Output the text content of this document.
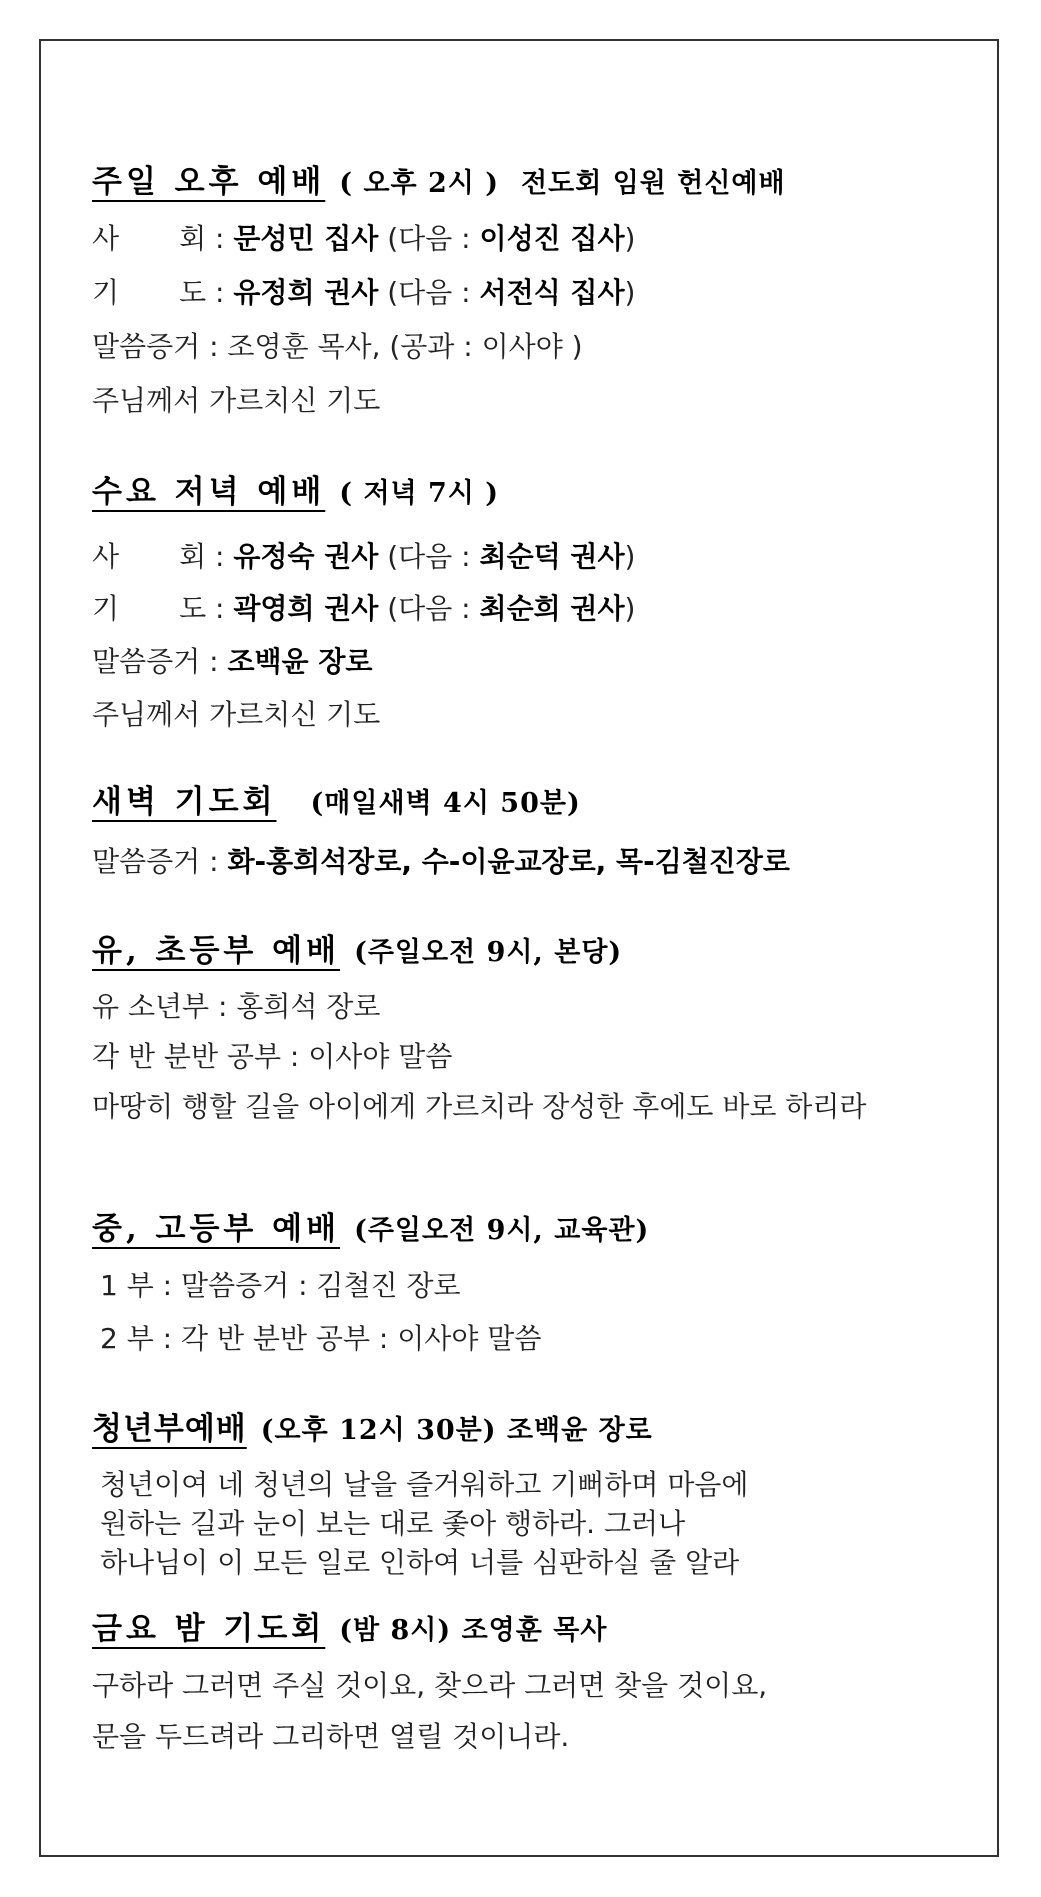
주일 오후 예배 ( 오후 2시 ) 전도회 임원 헌신예배
사 회 : 문성민 집사 (다음 : 이성진 집사)
기 도 : 유정희 권사 (다음 : 서전식 집사)
말씀증거 : 조영훈 목사, (공과 : 이사야 )
주님께서 가르치신 기도
수요 저녁 예배 ( 저녁 7시 )
사 회 : 유정숙 권사 (다음 : 최순덕 권사)
기 도 : 곽영희 권사 (다음 : 최순희 권사)
말씀증거 : 조백윤 장로
주님께서 가르치신 기도
새벽 기도회 (매일새벽 4시 50분)
말씀증거 : 화-홍희석장로, 수-이윤교장로, 목-김철진장로
유, 초등부 예배 (주일오전 9시, 본당)
유 소년부 : 홍희석 장로
각 반 분반 공부 : 이사야 말씀
마땅히 행할 길을 아이에게 가르치라 장성한 후에도 바로 하리라
중, 고등부 예배 (주일오전 9시, 교육관)
1 부 : 말씀증거 : 김철진 장로
2 부 : 각 반 분반 공부 : 이사야 말씀
청년부예배 (오후 12시 30분) 조백윤 장로
청년이여 네 청년의 날을 즐거워하고 기뻐하며 마음에
원하는 길과 눈이 보는 대로 좇아 행하라. 그러나
하나님이 이 모든 일로 인하여 너를 심판하실 줄 알라
금요 밤 기도회 (밤 8시) 조영훈 목사
구하라 그러면 주실 것이요, 찾으라 그러면 찾을 것이요,
문을 두드려라 그리하면 열릴 것이니라.
